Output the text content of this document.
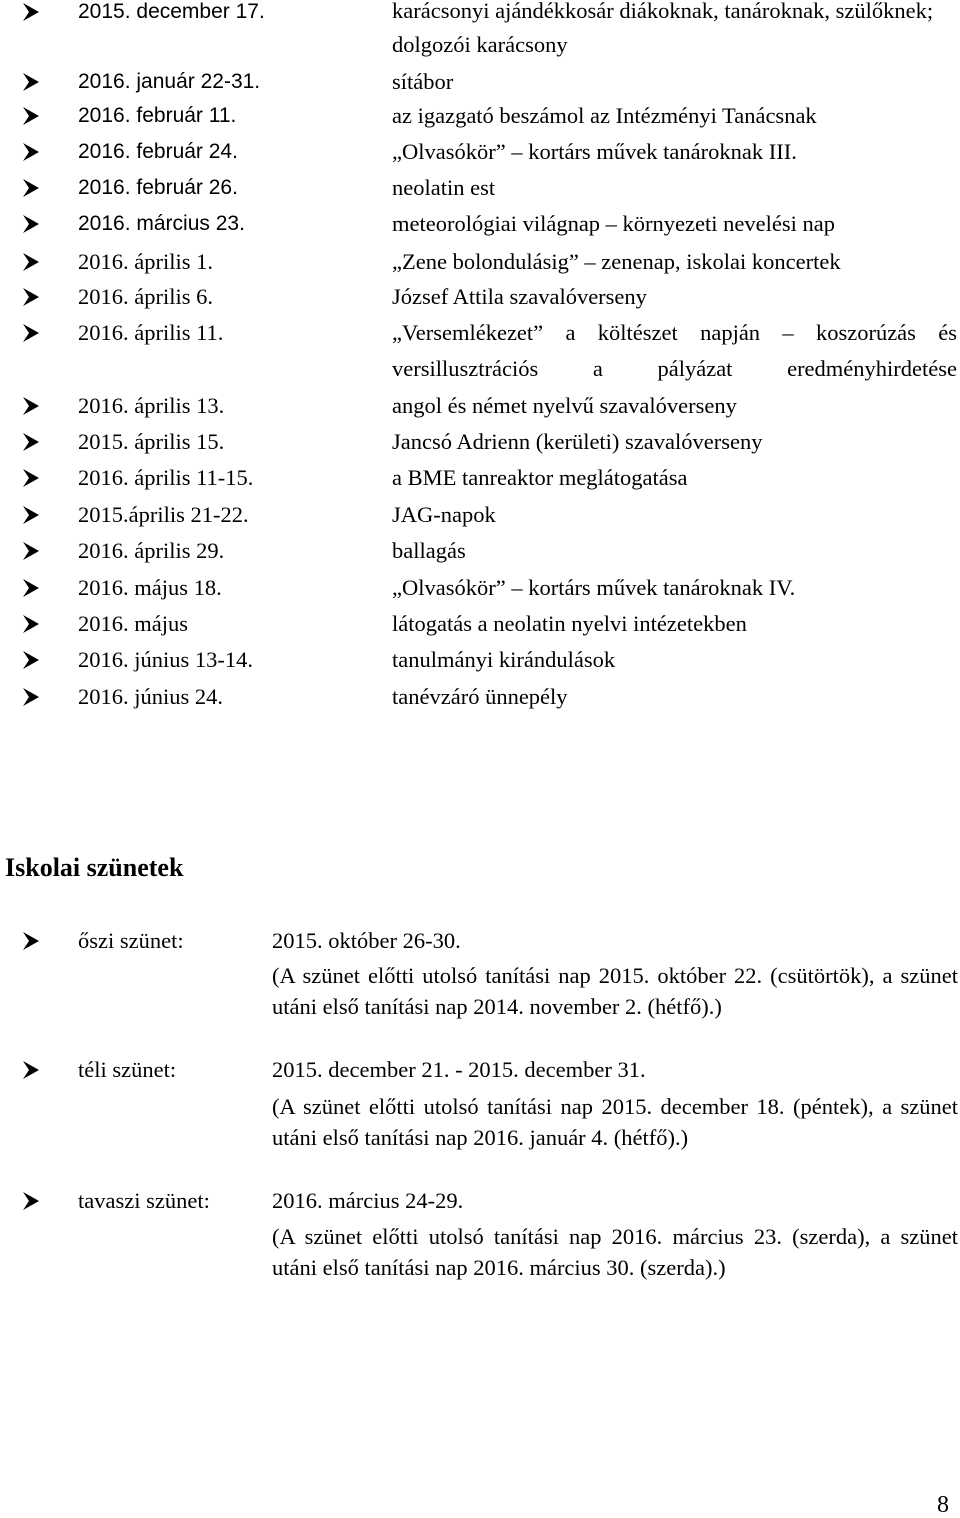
2015. december 17.	karácsonyi ajándékkosár diákoknak, tanároknak, szülőknek; dolgozói karácsony
2016. január 22-31.	sítábor
2016. február 11.	az igazgató beszámol az Intézményi Tanácsnak
2016. február 24.	„Olvasókör” – kortárs művek tanároknak III.
2016. február 26.	neolatin est
2016. március 23.	meteorológiai világnap – környezeti nevelési nap
2016. április 1.	„Zene bolondulásig” – zenenap, iskolai koncertek
2016. április 6.	József Attila szavalóverseny
2016. április 11.	„Versemlékezet” a költészet napján – koszorúzás és versillusztrációs a pályázat eredményhirdetése
2016. április 13.	angol és német nyelvű szavalóverseny
2015. április 15.	Jancsó Adrienn (kerületi) szavalóverseny
2016. április 11-15.	a BME tanreaktor meglátogatása
2015.április 21-22.	JAG-napok
2016. április 29.	ballagás
2016. május 18.	„Olvasókör” – kortárs művek tanároknak IV.
2016. május	látogatás a neolatin nyelvi intézetekben
2016. június 13-14.	tanulmányi kirándulások
2016. június 24.	tanévzáró ünnepély
Iskolai szünetek
őszi szünet:	2015. október 26-30.
(A szünet előtti utolsó tanítási nap 2015. október 22. (csütörtök), a szünet utáni első tanítási nap 2014. november 2. (hétfő).)
téli szünet:	2015. december 21. - 2015. december 31.
(A szünet előtti utolsó tanítási nap 2015. december 18. (péntek), a szünet utáni első tanítási nap 2016. január 4. (hétfő).)
tavaszi szünet:	2016. március 24-29.
(A szünet előtti utolsó tanítási nap 2016. március 23. (szerda), a szünet utáni első tanítási nap 2016. március 30. (szerda).)
8
